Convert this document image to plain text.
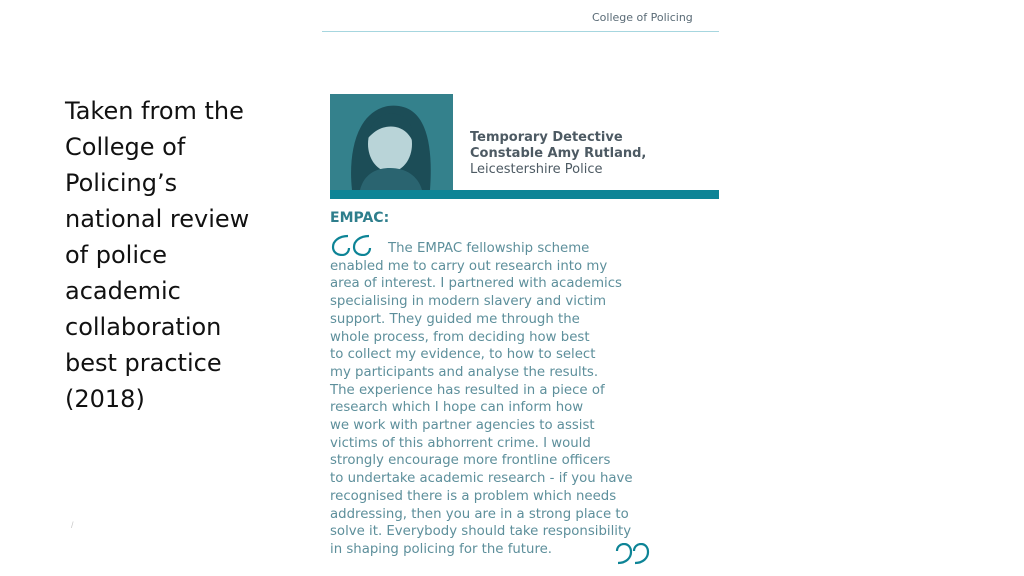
Taken from the
College of
Policing’s
national review
of police
academic
collaboration
best practice
(2018)
/
College of Policing
Temporary Detective
Constable Amy Rutland,
Leicestershire Police
EMPAC:
The EMPAC fellowship scheme
enabled me to carry out research into my
area of interest. I partnered with academics
specialising in modern slavery and victim
support. They guided me through the
whole process, from deciding how best
to collect my evidence, to how to select
my participants and analyse the results.
The experience has resulted in a piece of
research which I hope can inform how
we work with partner agencies to assist
victims of this abhorrent crime. I would
strongly encourage more frontline officers
to undertake academic research - if you have
recognised there is a problem which needs
addressing, then you are in a strong place to
solve it. Everybody should take responsibility
in shaping policing for the future.
